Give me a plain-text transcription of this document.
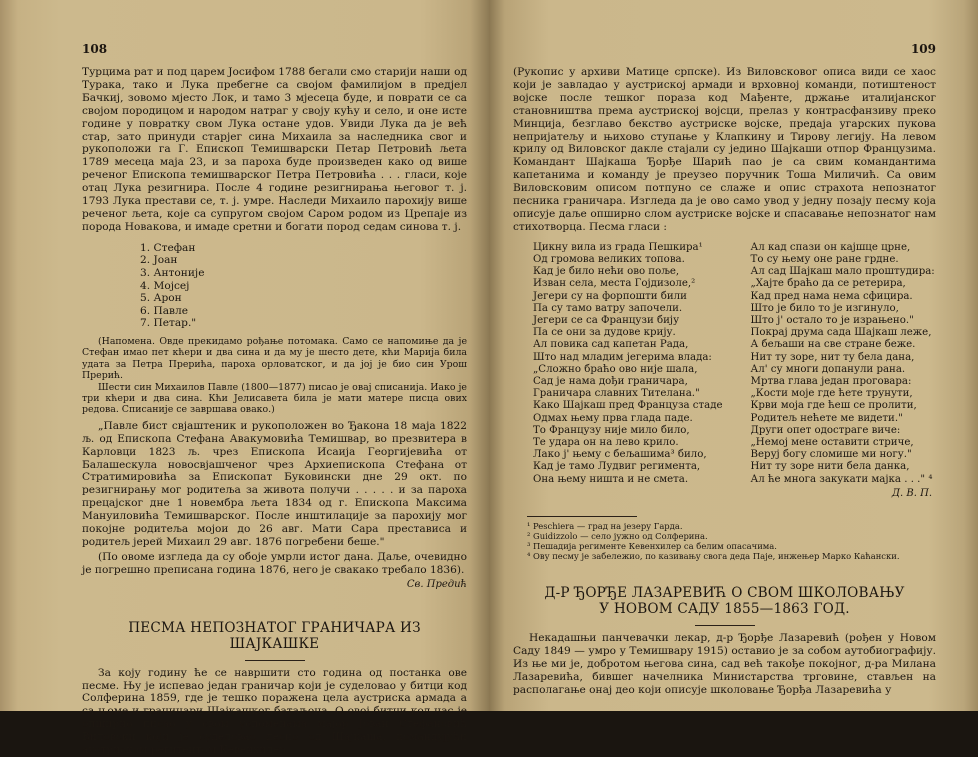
108

Турцима рат и под царем Јосифом 1788 бегали смо старији наши од Турака, тако и Лука пребегне са својом фамилијом в предјел Бачкиј, зовомо мјесто Лок, и тамо 3 мјесеца буде, и поврати се са својом породицом и народом натраг у своју кућу и село, и оне исте године у повратку свом Лука остане удов. Увиди Лука да је већ стар, зато принуди старјег сина Михаила за наследника свог и рукоположи га Г. Епископ Темишварски Петар Петровић љета 1789 месеца маја 23, и за пароха буде произведен како од више реченог Епископа темишварског Петра Петровића . . . гласи, које отац Лука резигнира. После 4 године резигнирања његовог т. ј. 1793 Лука престави се, т. ј. умре. Наследи Михаило парохију више реченог љета, које са супругом својом Саром родом из Црепаје из порода Новакова, и имаде сретни и богати пород седам синова т. ј.

1. Стефан
2. Јоан
3. Антоније
4. Мојсеј
5. Арон
6. Павле
7. Петар."

(Напомена. Овде прекидамо рођање потомака. Само се напомиње да је Стефан имао пет кћери и два сина и да му је шесто дете, кћи Марија била удата за Петра Прерића, пароха орловатског, и да јој је био син Урош Прерић.

Шести син Михаилов Павле (1800—1877) писао је овај списанија. Иако је три кћери и два сина. Кћи Јелисавета била је мати матере писца ових редова. Списаније се завршава овако.)

„Павле бист свјаштеник и рукоположен во Ђакона 18 маја 1822 љ. од Епископа Стефана Авакумовића Темишвар, во презвитера в Карловци 1823 љ. чрез Епископа Исаија Георгијевића от Балашескула новосвјашченог чрез Архиепископа Стефана от Стратимировића за Епископат Буковински дне 29 окт. по резигнирању мог родитеља за живота получи . . . . . и за пароха прецајског дне 1 новембра љета 1834 од г. Епископа Максима Мануиловића Темишварског. После инштилације за парохију мог покојне родитеља мојои до 26 авг. Мати Сара престависа и родитељ јерей Михаил 29 авг. 1876 погребени беше."

(По овоме изгледа да су обоје умрли истог дана. Даље, очевидно је погрешно преписана година 1876, него је свакако требало 1836).

Св. Предић
ПЕСМА НЕПОЗНАТОГ ГРАНИЧАРА ИЗ ШАЈКАШКЕ

За коју годину ће се навршити сто година од постанка ове песме. Њу је испевао један граничар који је суделовао у битци код Солферина 1859, где је тешко поражена цела аустриска армада а са њоме и граничари Шајкашког батаљона. О овој битци код нас је опширно писао у свом успоменама мајор Јован Стефановић Виловски који је суделовао десно од Шајкаша, командујући аустриском регитентом Кевенхилер.

109

(Рукопис у архиви Матице српске). Из Виловсковог описа види се хаос који је завладао у аустриској армади и врховној команди, потиштеност војске после тешког пораза код Мађенте, држање италијанског становништва према аустриској војсци, прелаз у контрасфанзиву преко Минција, безглаво бекство аустриске војске, предаја угарских пукова непријатељу и њихово ступање у Клапкину и Тирову легију. На левом крилу од Виловског дакле стајали су једино Шајкаши отпор Французима. Командант Шајкаша Ђорђе Шарић пао је са свим командантима капетанима и команду је преузео поручник Тоша Миличић. Са овим Виловсковим описом потпуно се слаже и опис страхота непознатог песника граничара. Изгледа да је ово само увод у једну позају песму која описује даље опширно слом аустриске војске и спасавање непознатог нам стихотворца. Песма гласи :

Цикну вила из града Пешкира¹
Од громова великих топова.
Кад је било нећи ово поље,
Изван села, места Гојдизоле,²
Јегери су на форпошти били
Па су тамо ватру започели.
Јегери се са Французи бију
Па се они за дудове крију.
Ал повика сад капетан Рада,
Што над младим јегерима влада:
„Сложно браћо ово није шала,
Сад је нама дођи граничара,
Граничара славних Тителана."
Како Шајкаш пред Француза стаде
Одмах њему прва глада паде.
То Французу није мило било,
Те удара он на лево крило.
Лако ј' њему с бељашима³ било,
Кад је тамо Лудвиг регимента,
Она њему ништа и не смета.
Ал кад спази он кајшце црне,
То су њему оне ране грдне.
Ал сад Шајкаш мало проштудира:
„Хајте браћо да се ретерира,
Кад пред нама нема сфицира.
Што је било то је изгинуло,
Што ј' остало то је израњено."
Покрај друма сада Шајкаш леже,
А бељаши на све стране беже.
Нит ту зоре, нит ту бела дана,
Ал' су многи допанули рана.
Мртва глава један проговара:
„Кости моје где ћете трунути,
Крви моја где ћеш се пролити,
Родитељ нећете ме видети."
Други опет одостраге виче:
„Немој мене оставити стриче,
Веруј богу сломише ми ногу."
Нит ту зоре нити бела данка,
Ал ће многа закукати мајка . . ." ⁴
Д. В. П.
¹ Peschiera — град на језеру Гарда.
² Guidizzolo — село јужно од Солферина.
³ Пешадија регименте Кевенхилер са белим опасачима.
⁴ Ову песму је забележио, по казивању свога деда Паје, инжењер Марко Каћански.
Д-Р ЂОРЂЕ ЛАЗАРЕВИЋ О СВОМ ШКОЛОВАЊУ
У НОВОМ САДУ 1855—1863 ГОД.

Некадашњи панчевачки лекар, д-р Ђорђе Лазаревић (рођен у Новом Саду 1849 — умро у Темишвару 1915) оставио је за собом аутобиографију. Из ње ми је, добротом његова сина, сад већ такође покојног, д-ра Милана Лазаревића, бившег начелника Министарства трговине, стављен на располагање онај део који описује школовање Ђорђа Лазаревића у
